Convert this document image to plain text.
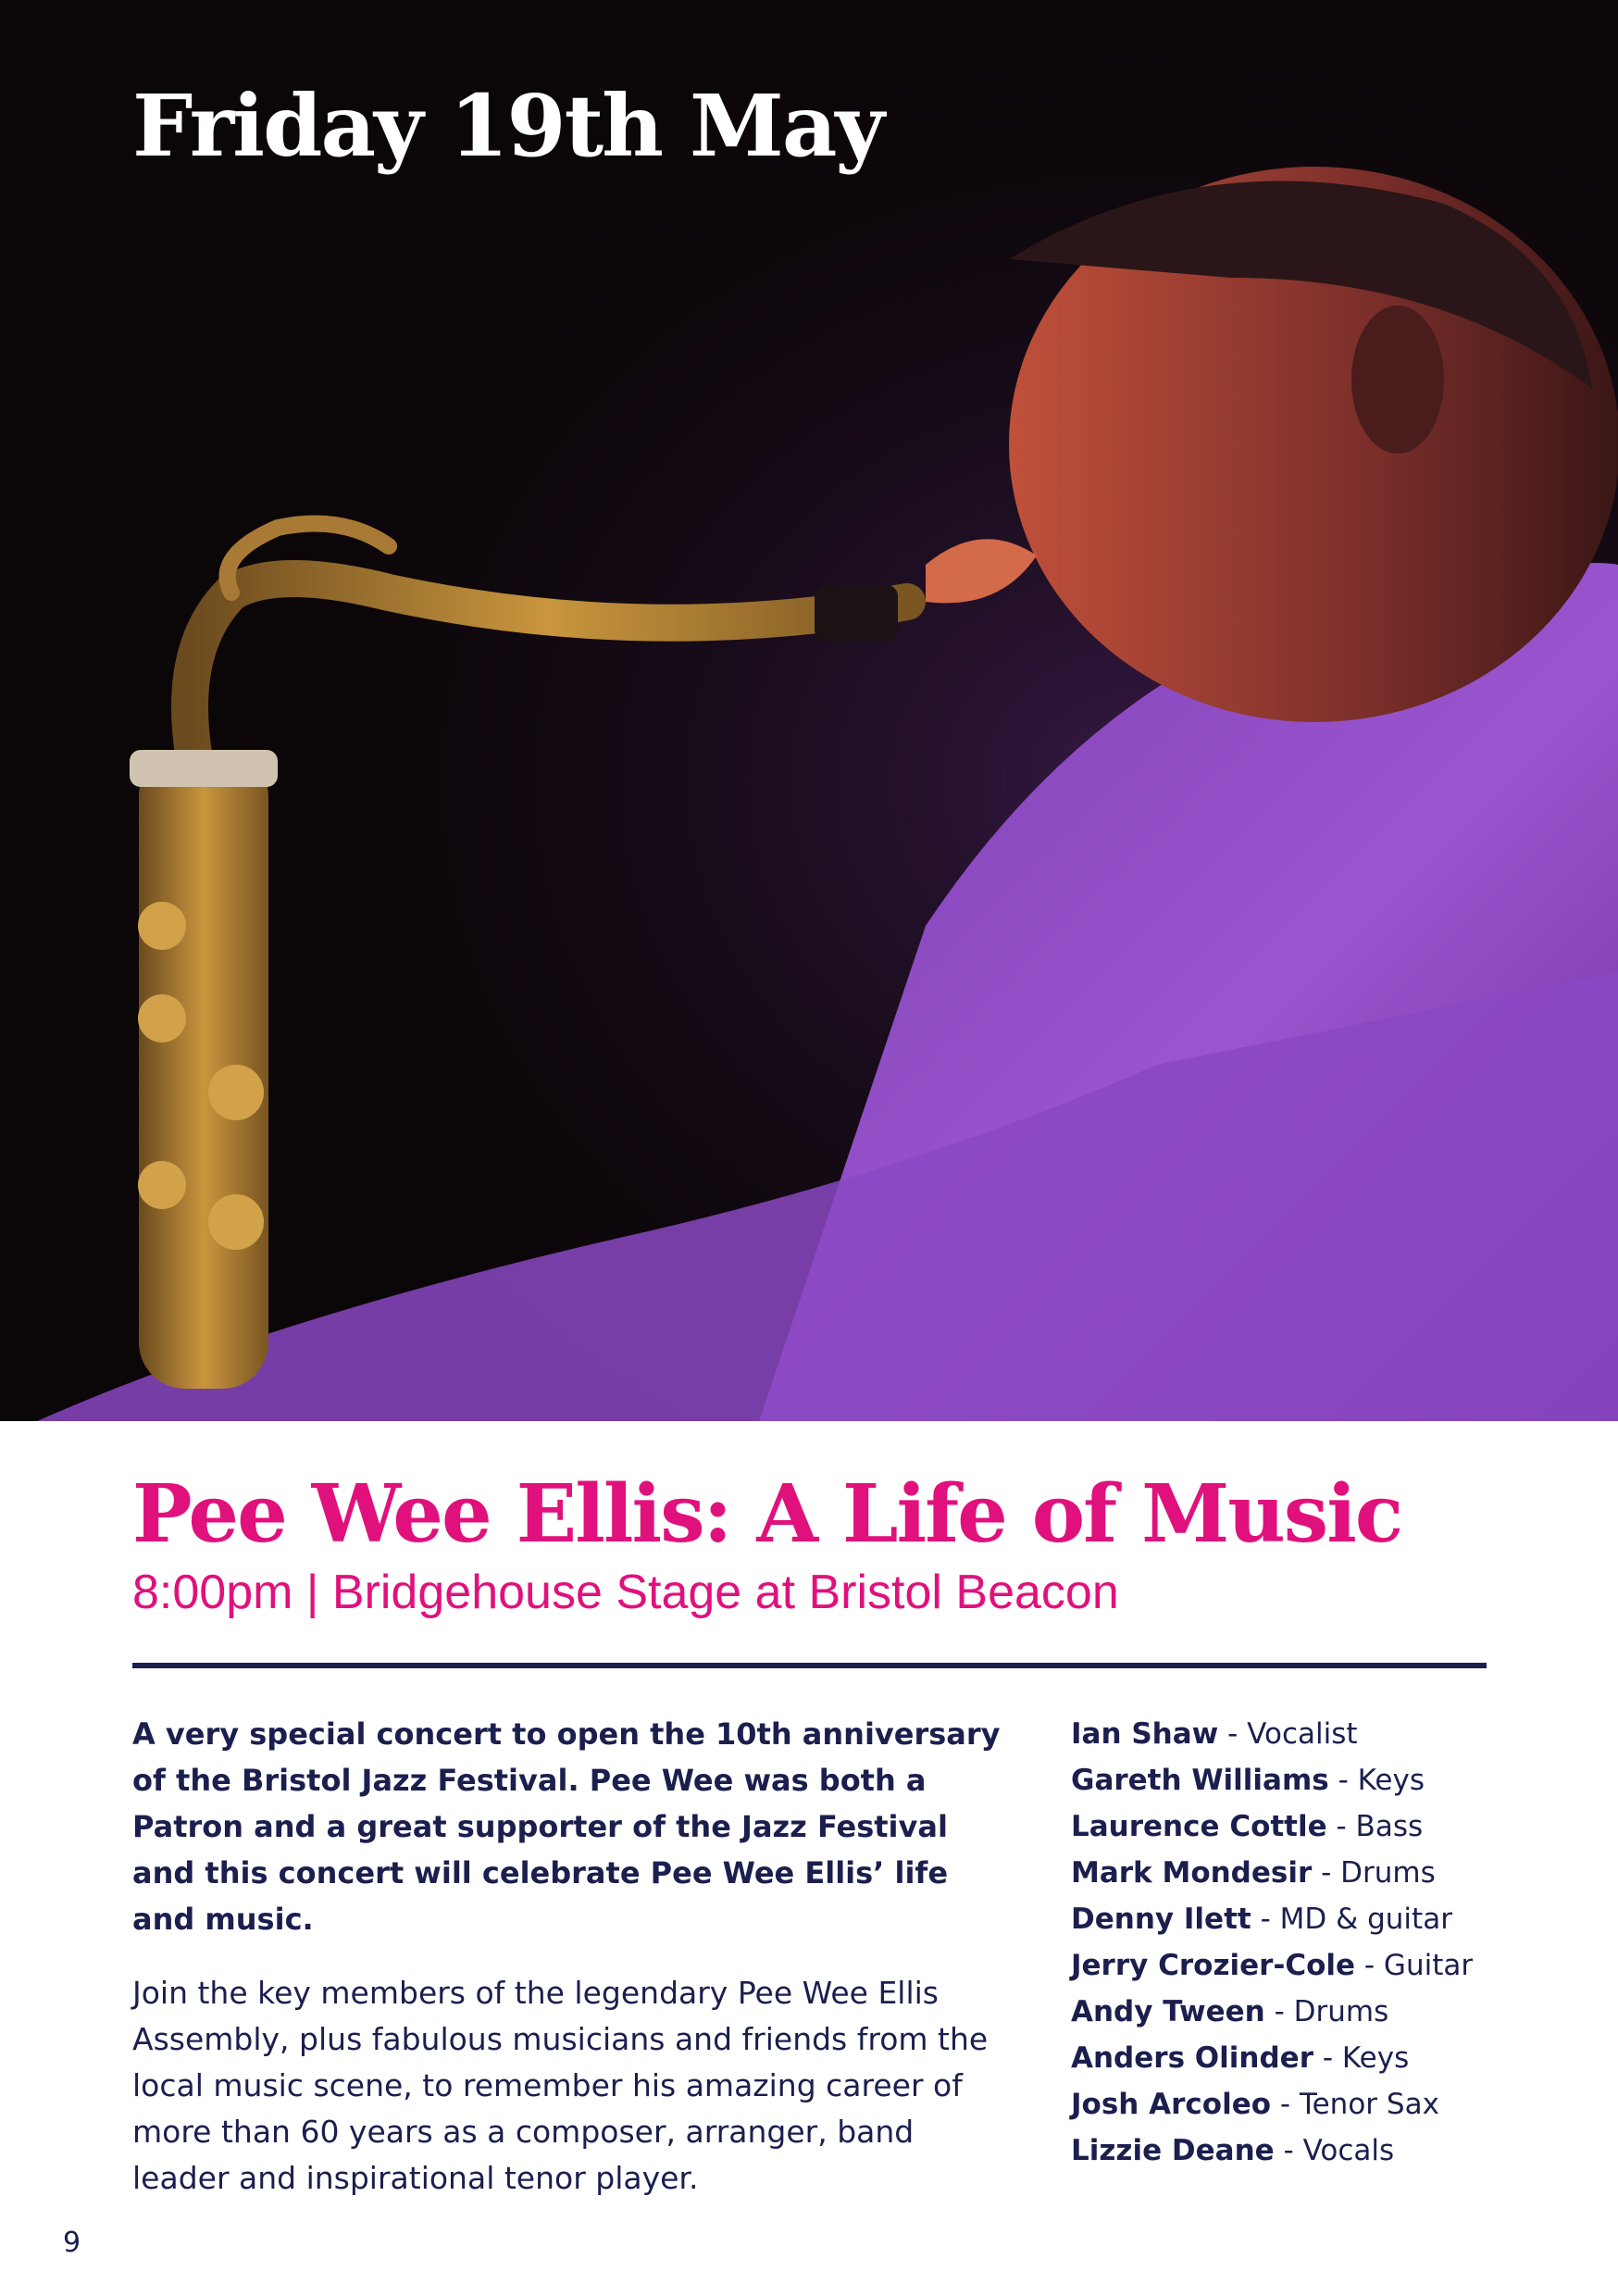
Friday 19th May
Pee Wee Ellis: A Life of Music
8:00pm | Bridgehouse Stage at Bristol Beacon

A very special concert to open the 10th anniversary of the Bristol Jazz Festival. Pee Wee was both a Patron and a great supporter of the Jazz Festival and this concert will celebrate Pee Wee Ellis’ life and music.

Join the key members of the legendary Pee Wee Ellis Assembly, plus fabulous musicians and friends from the local music scene, to remember his amazing career of more than 60 years as a composer, arranger, band leader and inspirational tenor player.

Ian Shaw - Vocalist
Gareth Williams - Keys
Laurence Cottle - Bass
Mark Mondesir - Drums
Denny Ilett - MD & guitar
Jerry Crozier-Cole - Guitar
Andy Tween - Drums
Anders Olinder - Keys
Josh Arcoleo - Tenor Sax
Lizzie Deane - Vocals
9
